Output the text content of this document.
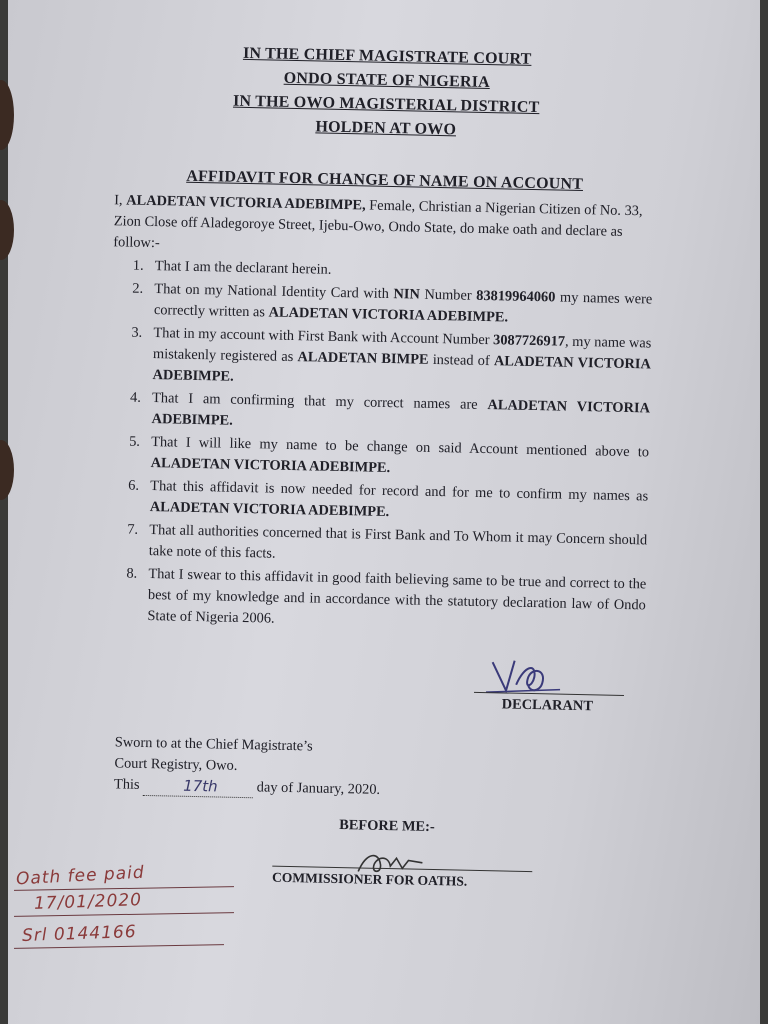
IN THE CHIEF MAGISTRATE COURT
ONDO STATE OF NIGERIA
IN THE OWO MAGISTERIAL DISTRICT
HOLDEN AT OWO
AFFIDAVIT FOR CHANGE OF NAME ON ACCOUNT
I, ALADETAN VICTORIA ADEBIMPE, Female, Christian a Nigerian Citizen of No. 33, Zion Close off Aladegoroye Street, Ijebu-Owo, Ondo State, do make oath and declare as follow:-
1. That I am the declarant herein.
2. That on my National Identity Card with NIN Number 83819964060 my names were correctly written as ALADETAN VICTORIA ADEBIMPE.
3. That in my account with First Bank with Account Number 3087726917, my name was mistakenly registered as ALADETAN BIMPE instead of ALADETAN VICTORIA ADEBIMPE.
4. That I am confirming that my correct names are ALADETAN VICTORIA ADEBIMPE.
5. That I will like my name to be change on said Account mentioned above to ALADETAN VICTORIA ADEBIMPE.
6. That this affidavit is now needed for record and for me to confirm my names as ALADETAN VICTORIA ADEBIMPE.
7. That all authorities concerned that is First Bank and To Whom it may Concern should take note of this facts.
8. That I swear to this affidavit in good faith believing same to be true and correct to the best of my knowledge and in accordance with the statutory declaration law of Ondo State of Nigeria 2006.
DECLARANT
Sworn to at the Chief Magistrate’s
Court Registry, Owo.
This	17th	day of January, 2020.
BEFORE ME:-
COMMISSIONER FOR OATHS.
Oath fee paid
17/01/2020
Srl 0144166
